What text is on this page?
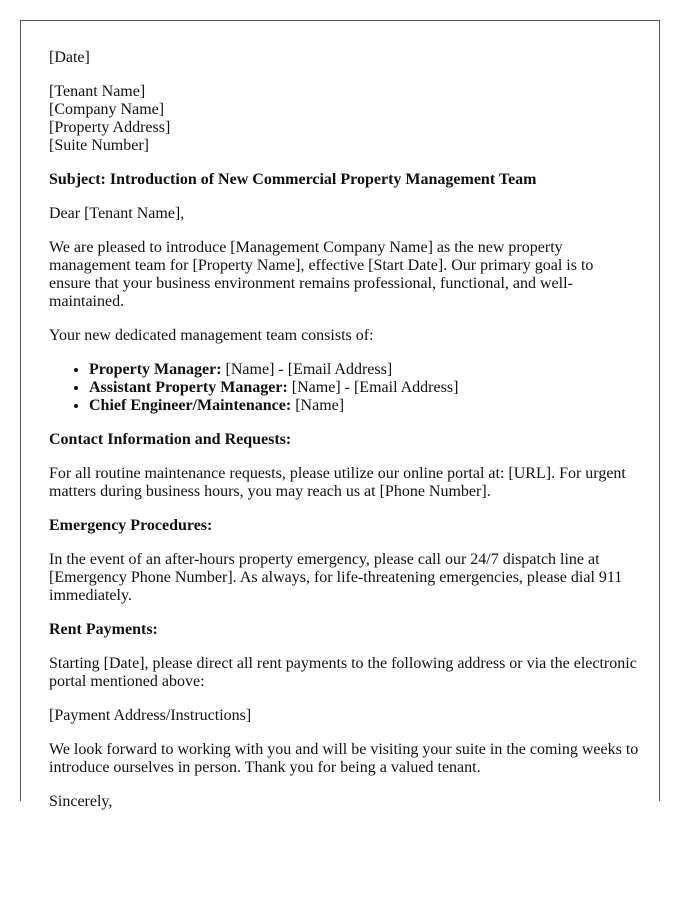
[Date]

[Tenant Name]
[Company Name]
[Property Address]
[Suite Number]

Subject: Introduction of New Commercial Property Management Team

Dear [Tenant Name],

We are pleased to introduce [Management Company Name] as the new property management team for [Property Name], effective [Start Date]. Our primary goal is to ensure that your business environment remains professional, functional, and well-maintained.

Your new dedicated management team consists of:

• Property Manager: [Name] - [Email Address]
• Assistant Property Manager: [Name] - [Email Address]
• Chief Engineer/Maintenance: [Name]

Contact Information and Requests:

For all routine maintenance requests, please utilize our online portal at: [URL]. For urgent matters during business hours, you may reach us at [Phone Number].

Emergency Procedures:

In the event of an after-hours property emergency, please call our 24/7 dispatch line at [Emergency Phone Number]. As always, for life-threatening emergencies, please dial 911 immediately.

Rent Payments:

Starting [Date], please direct all rent payments to the following address or via the electronic portal mentioned above:

[Payment Address/Instructions]

We look forward to working with you and will be visiting your suite in the coming weeks to introduce ourselves in person. Thank you for being a valued tenant.

Sincerely,
